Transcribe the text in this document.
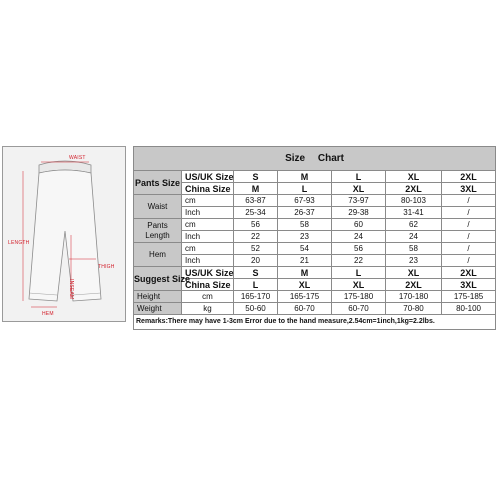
WAIST
LENGTH
THIGH
INSEAM
HEM
Size Chart						
Pants Size	US/UK Size	S	M	L	XL	2XL
	China Size	M	L	XL	2XL	3XL
Waist	cm	63-87	67-93	73-97	80-103	/
	Inch	25-34	26-37	29-38	31-41	/
Pants
Length	cm	56	58	60	62	/
	Inch	22	23	24	24	/
Hem	cm	52	54	56	58	/
	Inch	20	21	22	23	/
Suggest Size	US/UK Size	S	M	L	XL	2XL
	China Size	L	XL	XL	2XL	3XL
Height	cm	165-170	165-175	175-180	170-180	175-185
Weight	kg	50-60	60-70	60-70	70-80	80-100
Remarks:There may have 1-3cm Error due to the hand measure,2.54cm=1inch,1kg=2.2lbs.						
